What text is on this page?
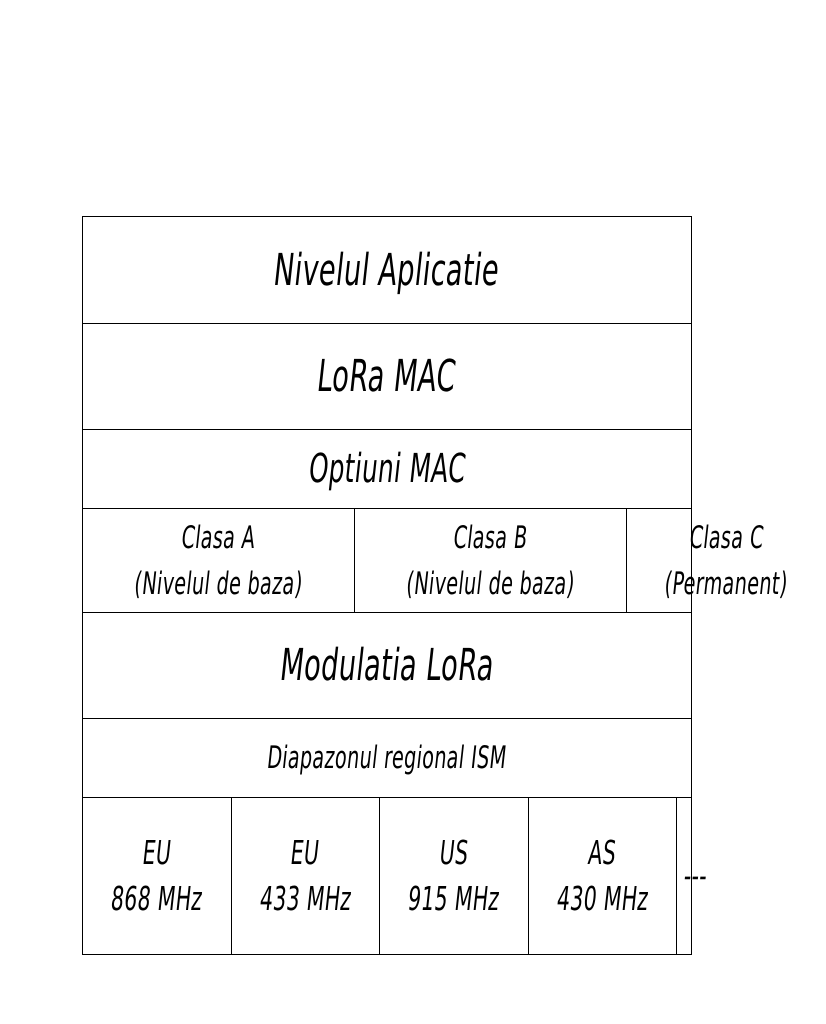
Nivelul Aplicatie
LoRa MAC
Optiuni MAC
Clasa A
(Nivelul de baza)
Clasa B
(Nivelul de baza)
Clasa C
(Permanent)
Modulatia LoRa
Diapazonul regional ISM
EU
868 MHz
EU
433 MHz
US
915 MHz
AS
430 MHz
---
